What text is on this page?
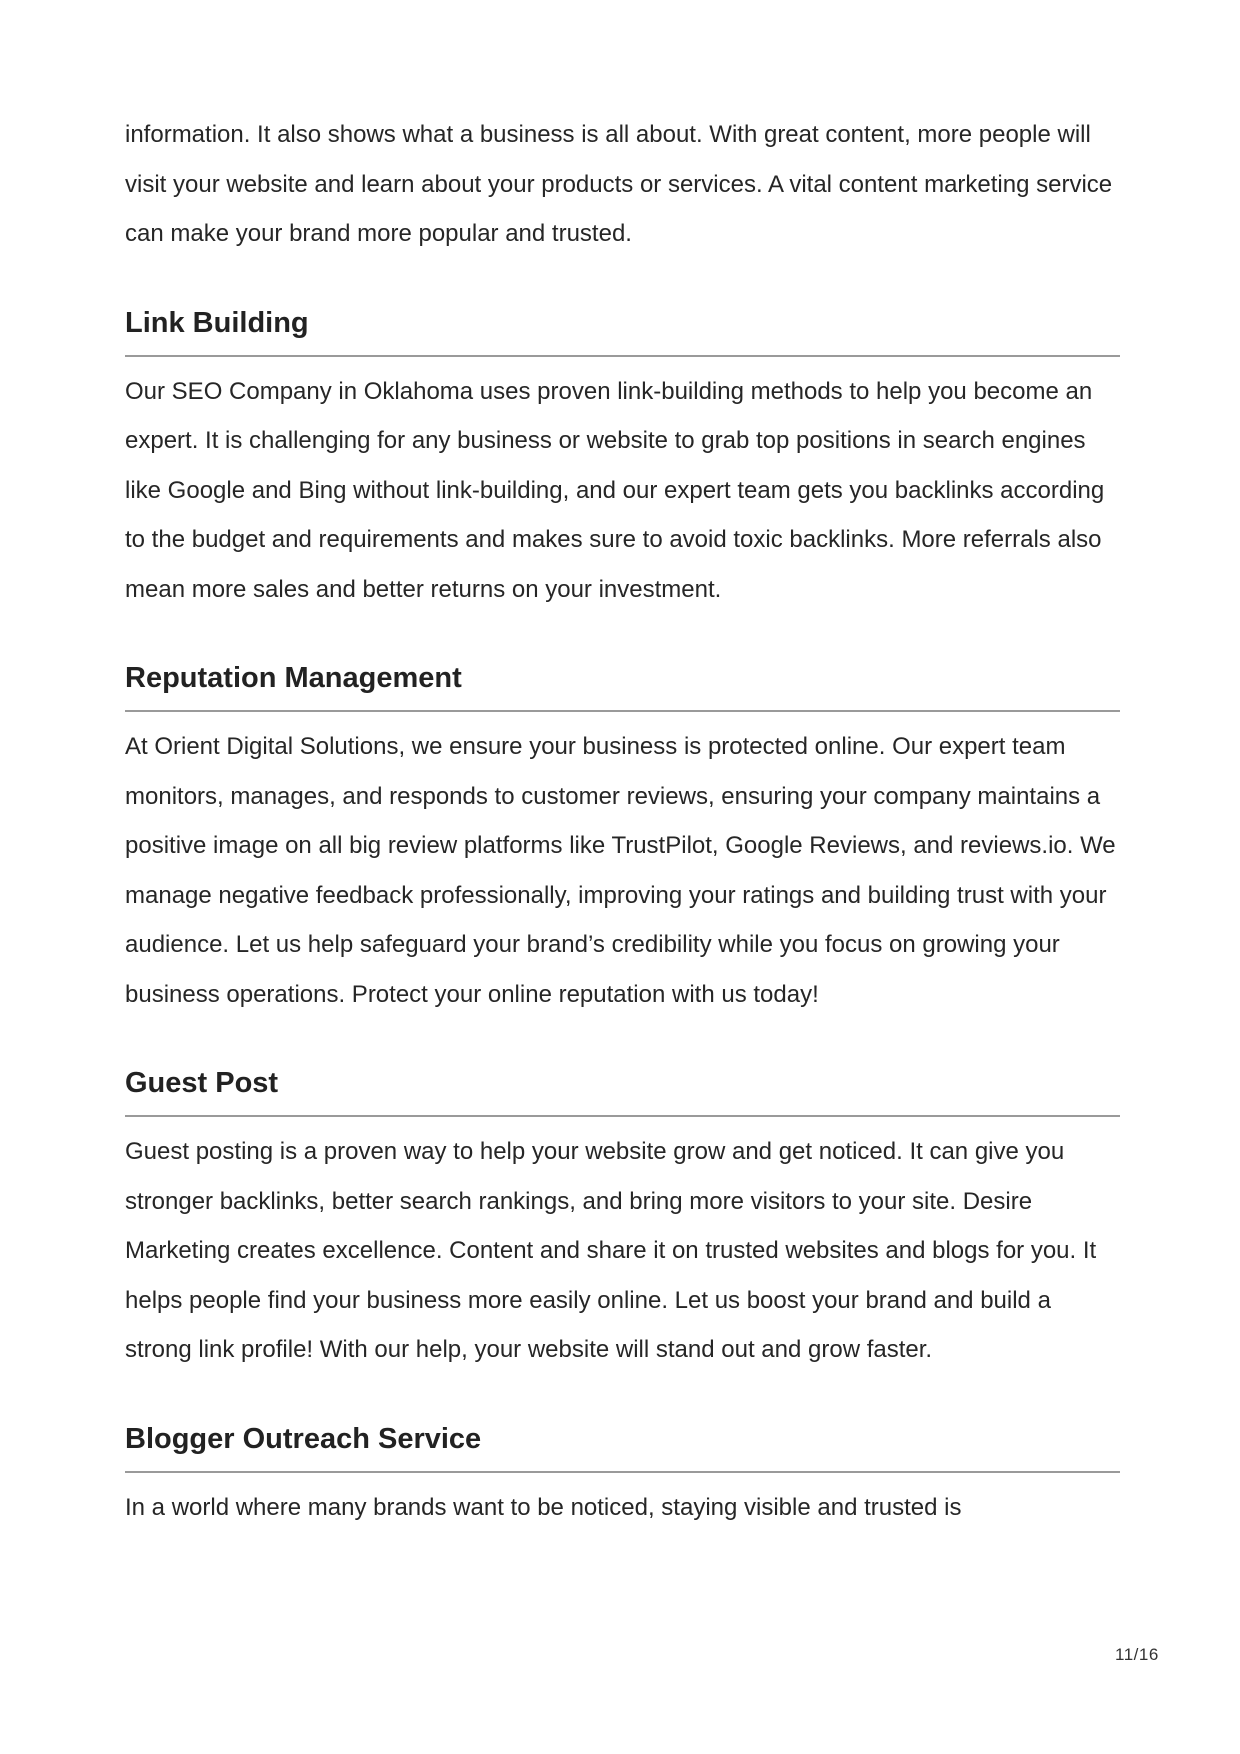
information. It also shows what a business is all about. With great content, more people will visit your website and learn about your products or services. A vital content marketing service can make your brand more popular and trusted.

Link Building

Our SEO Company in Oklahoma uses proven link-building methods to help you become an expert. It is challenging for any business or website to grab top positions in search engines like Google and Bing without link-building, and our expert team gets you backlinks according to the budget and requirements and makes sure to avoid toxic backlinks. More referrals also mean more sales and better returns on your investment.

Reputation Management

At Orient Digital Solutions, we ensure your business is protected online. Our expert team monitors, manages, and responds to customer reviews, ensuring your company maintains a positive image on all big review platforms like TrustPilot, Google Reviews, and reviews.io. We manage negative feedback professionally, improving your ratings and building trust with your audience. Let us help safeguard your brand’s credibility while you focus on growing your business operations. Protect your online reputation with us today!

Guest Post

Guest posting is a proven way to help your website grow and get noticed. It can give you stronger backlinks, better search rankings, and bring more visitors to your site. Desire Marketing creates excellence. Content and share it on trusted websites and blogs for you. It helps people find your business more easily online. Let us boost your brand and build a strong link profile! With our help, your website will stand out and grow faster.

Blogger Outreach Service

In a world where many brands want to be noticed, staying visible and trusted is

11/16
